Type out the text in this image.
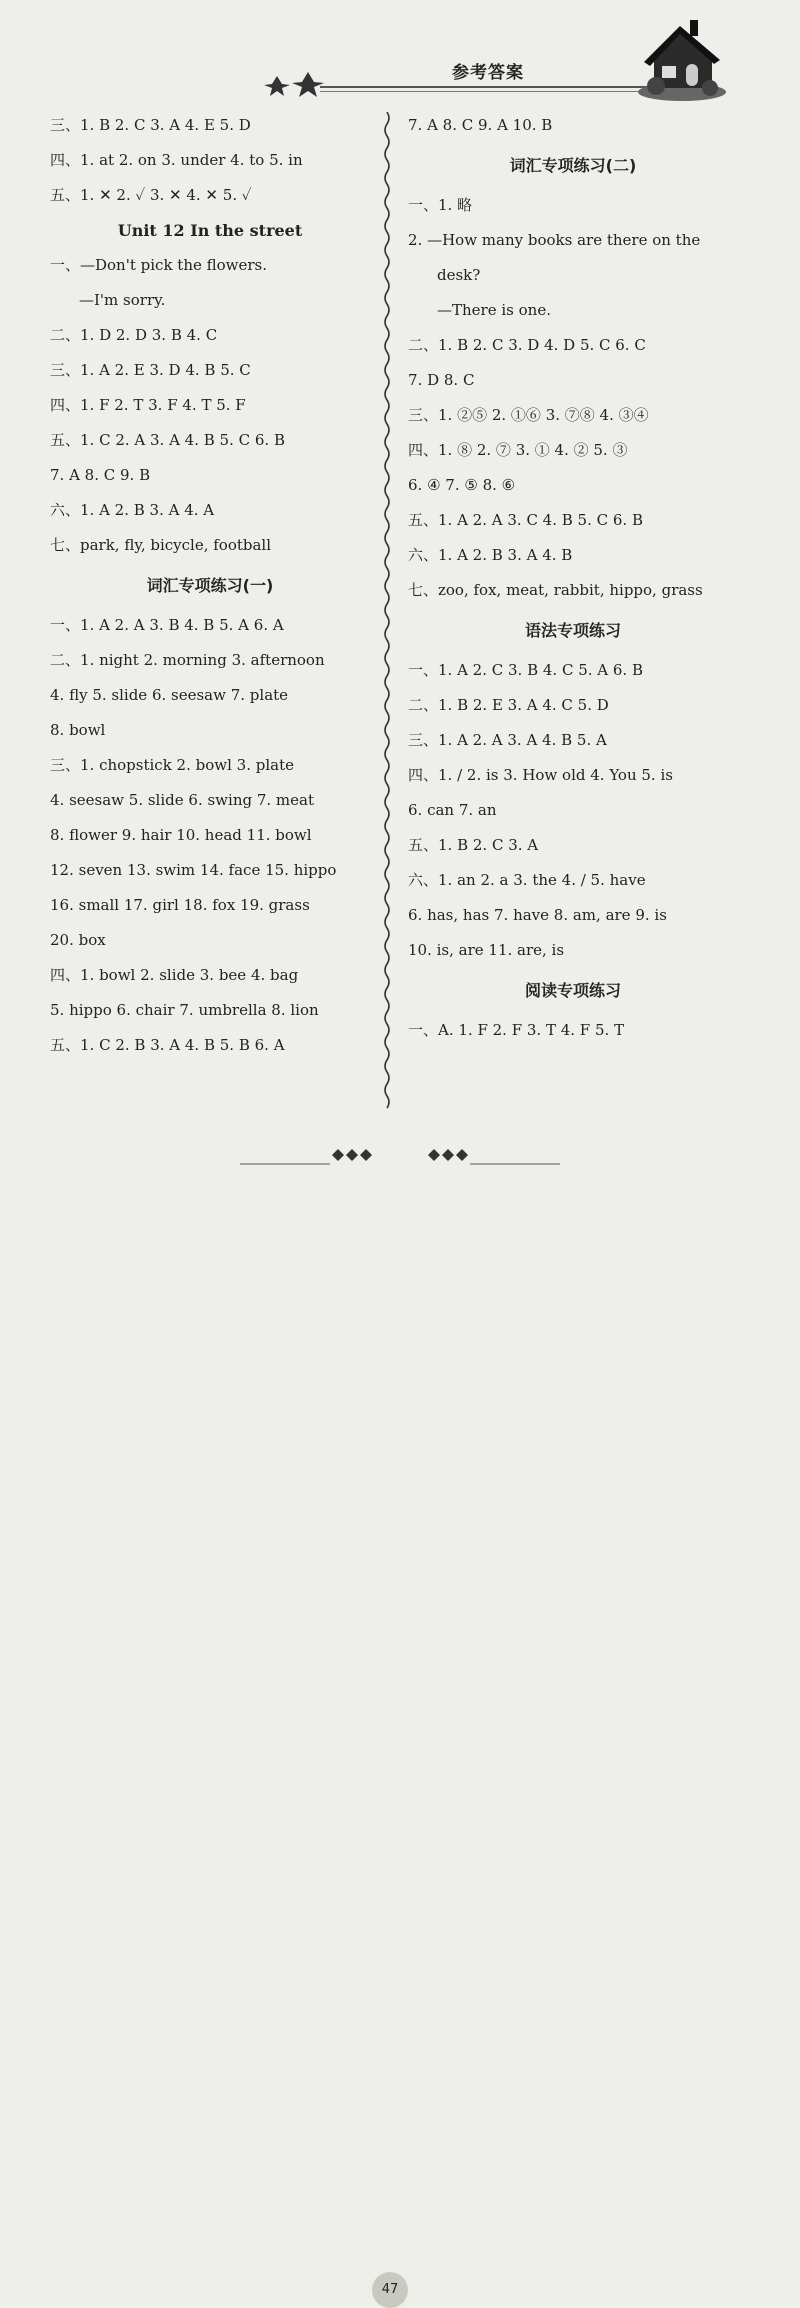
参考答案
三、1. B 2. C 3. A 4. E 5. D
四、1. at 2. on 3. under 4. to 5. in
五、1. ✕ 2. ✓ 3. ✕ 4. ✕ 5. ✓
Unit 12 In the street
一、—Don't pick the flowers.
—I'm sorry.
二、1. D 2. D 3. B 4. C
三、1. A 2. E 3. D 4. B 5. C
四、1. F 2. T 3. F 4. T 5. F
五、1. C 2. A 3. A 4. B 5. C 6. B
7. A 8. C 9. B
六、1. A 2. B 3. A 4. A
七、park, fly, bicycle, football
词汇专项练习(一)
一、1. A 2. A 3. B 4. B 5. A 6. A
二、1. night 2. morning 3. afternoon
4. fly 5. slide 6. seesaw 7. plate
8. bowl
三、1. chopstick 2. bowl 3. plate
4. seesaw 5. slide 6. swing 7. meat
8. flower 9. hair 10. head 11. bowl
12. seven 13. swim 14. face 15. hippo
16. small 17. girl 18. fox 19. grass
20. box
四、1. bowl 2. slide 3. bee 4. bag
5. hippo 6. chair 7. umbrella 8. lion
五、1. C 2. B 3. A 4. B 5. B 6. A
7. A 8. C 9. A 10. B
词汇专项练习(二)
一、1. 略
2. —How many books are there on the
desk?
—There is one.
二、1. B 2. C 3. D 4. D 5. C 6. C
7. D 8. C
三、1. ②⑤ 2. ①⑥ 3. ⑦⑧ 4. ③④
四、1. ⑧ 2. ⑦ 3. ① 4. ② 5. ③
6. ④ 7. ⑤ 8. ⑥
五、1. A 2. A 3. C 4. B 5. C 6. B
六、1. A 2. B 3. A 4. B
七、zoo, fox, meat, rabbit, hippo, grass
语法专项练习
一、1. A 2. C 3. B 4. C 5. A 6. B
二、1. B 2. E 3. A 4. C 5. D
三、1. A 2. A 3. A 4. B 5. A
四、1. / 2. is 3. How old 4. You 5. is
6. can 7. an
五、1. B 2. C 3. A
六、1. an 2. a 3. the 4. / 5. have
6. has, has 7. have 8. am, are 9. is
10. is, are 11. are, is
阅读专项练习
一、A. 1. F 2. F 3. T 4. F 5. T
47
